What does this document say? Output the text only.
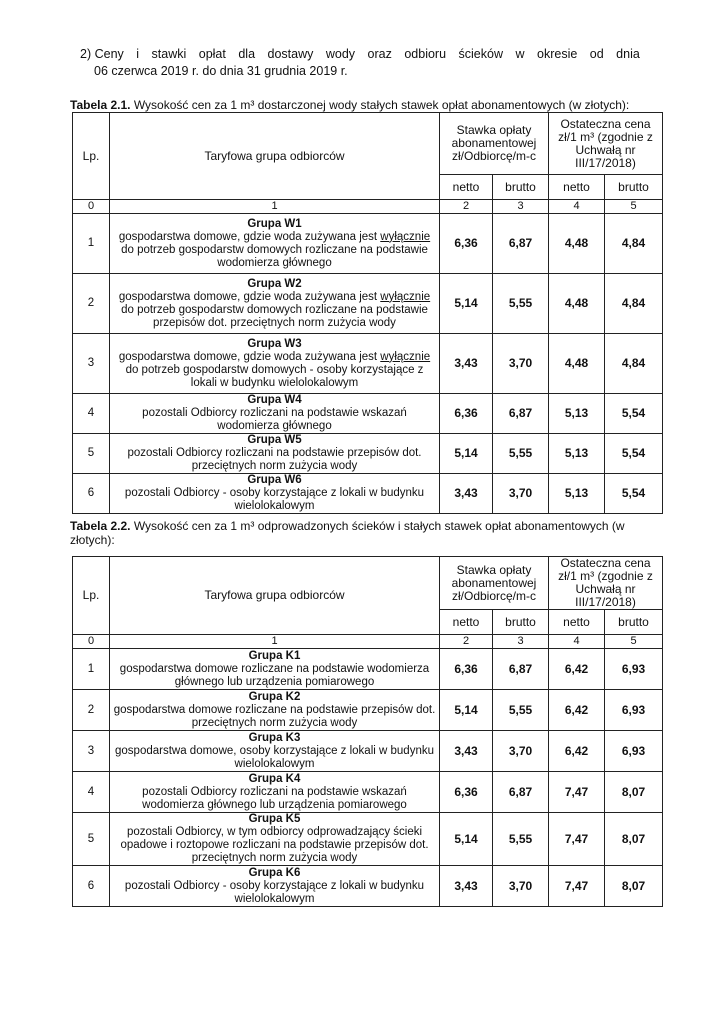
2) Ceny i stawki opłat dla dostawy wody oraz odbioru ścieków w okresie od dnia
06 czerwca 2019 r. do dnia 31 grudnia 2019 r.
Tabela 2.1. Wysokość cen za 1 m³ dostarczonej wody stałych stawek opłat abonamentowych (w złotych):
Lp.	Taryfowa grupa odbiorców	Stawka opłaty abonamentowej zł/Odbiorcę/m-c		Ostateczna cena zł/1 m³ (zgodnie z Uchwałą nr III/17/2018)	
		netto	brutto	netto	brutto
0	1	2	3	4	5
1	Grupa W1
gospodarstwa domowe, gdzie woda zużywana jest wyłącznie do potrzeb gospodarstw domowych rozliczane na podstawie wodomierza głównego	6,36	6,87	4,48	4,84
2	Grupa W2
gospodarstwa domowe, gdzie woda zużywana jest wyłącznie do potrzeb gospodarstw domowych rozliczane na podstawie przepisów dot. przeciętnych norm zużycia wody	5,14	5,55	4,48	4,84
3	Grupa W3
gospodarstwa domowe, gdzie woda zużywana jest wyłącznie do potrzeb gospodarstw domowych - osoby korzystające z lokali w budynku wielolokalowym	3,43	3,70	4,48	4,84
4	Grupa W4
pozostali Odbiorcy rozliczani na podstawie wskazań wodomierza głównego	6,36	6,87	5,13	5,54
5	Grupa W5
pozostali Odbiorcy rozliczani na podstawie przepisów dot. przeciętnych norm zużycia wody	5,14	5,55	5,13	5,54
6	Grupa W6
pozostali Odbiorcy - osoby korzystające z lokali w budynku wielolokalowym	3,43	3,70	5,13	5,54
Tabela 2.2. Wysokość cen za 1 m³ odprowadzonych ścieków i stałych stawek opłat abonamentowych (w złotych):
Lp.	Taryfowa grupa odbiorców	Stawka opłaty abonamentowej zł/Odbiorcę/m-c		Ostateczna cena zł/1 m³ (zgodnie z Uchwałą nr III/17/2018)	
		netto	brutto	netto	brutto
0	1	2	3	4	5
1	Grupa K1
gospodarstwa domowe rozliczane na podstawie wodomierza głównego lub urządzenia pomiarowego	6,36	6,87	6,42	6,93
2	Grupa K2
gospodarstwa domowe rozliczane na podstawie przepisów dot. przeciętnych norm zużycia wody	5,14	5,55	6,42	6,93
3	Grupa K3
gospodarstwa domowe, osoby korzystające z lokali w budynku wielolokalowym	3,43	3,70	6,42	6,93
4	Grupa K4
pozostali Odbiorcy rozliczani na podstawie wskazań wodomierza głównego lub urządzenia pomiarowego	6,36	6,87	7,47	8,07
5	Grupa K5
pozostali Odbiorcy, w tym odbiorcy odprowadzający ścieki opadowe i roztopowe rozliczani na podstawie przepisów dot. przeciętnych norm zużycia wody	5,14	5,55	7,47	8,07
6	Grupa K6
pozostali Odbiorcy - osoby korzystające z lokali w budynku wielolokalowym	3,43	3,70	7,47	8,07
